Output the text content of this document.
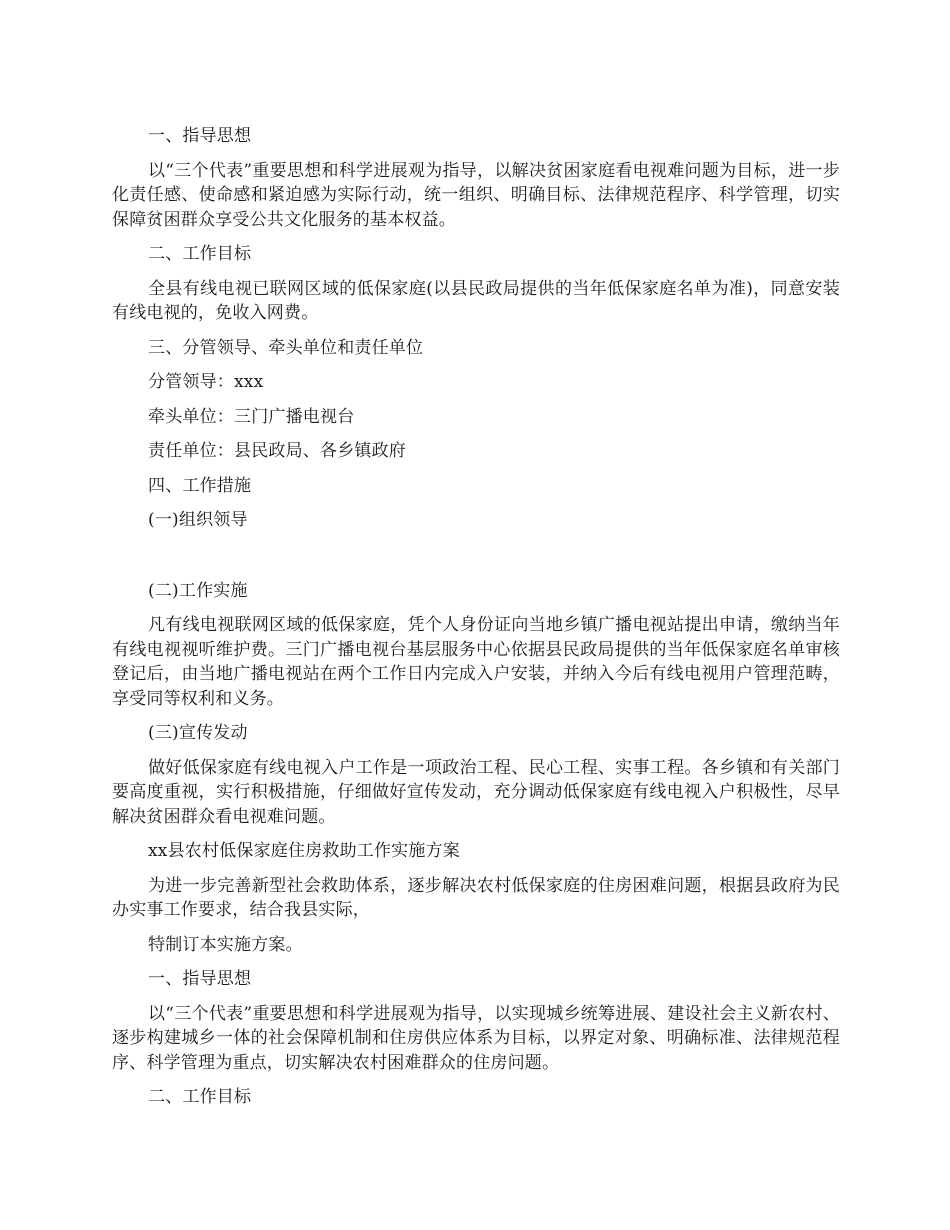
一、指导思想

以“三个代表”重要思想和科学进展观为指导，以解决贫困家庭看电视难问题为目标，进一步化责任感、使命感和紧迫感为实际行动，统一组织、明确目标、法律规范程序、科学管理，切实保障贫困群众享受公共文化服务的基本权益。

二、工作目标

全县有线电视已联网区域的低保家庭(以县民政局提供的当年低保家庭名单为准)，同意安装有线电视的，免收入网费。

三、分管领导、牵头单位和责任单位

分管领导：xxx

牵头单位：三门广播电视台

责任单位：县民政局、各乡镇政府

四、工作措施

(一)组织领导

(二)工作实施

凡有线电视联网区域的低保家庭，凭个人身份证向当地乡镇广播电视站提出申请，缴纳当年有线电视视听维护费。三门广播电视台基层服务中心依据县民政局提供的当年低保家庭名单审核登记后，由当地广播电视站在两个工作日内完成入户安装，并纳入今后有线电视用户管理范畴，享受同等权利和义务。

(三)宣传发动

做好低保家庭有线电视入户工作是一项政治工程、民心工程、实事工程。各乡镇和有关部门要高度重视，实行积极措施，仔细做好宣传发动，充分调动低保家庭有线电视入户积极性，尽早解决贫困群众看电视难问题。

xx县农村低保家庭住房救助工作实施方案

为进一步完善新型社会救助体系，逐步解决农村低保家庭的住房困难问题，根据县政府为民办实事工作要求，结合我县实际，

特制订本实施方案。

一、指导思想

以“三个代表”重要思想和科学进展观为指导，以实现城乡统筹进展、建设社会主义新农村、逐步构建城乡一体的社会保障机制和住房供应体系为目标，以界定对象、明确标准、法律规范程序、科学管理为重点，切实解决农村困难群众的住房问题。

二、工作目标
